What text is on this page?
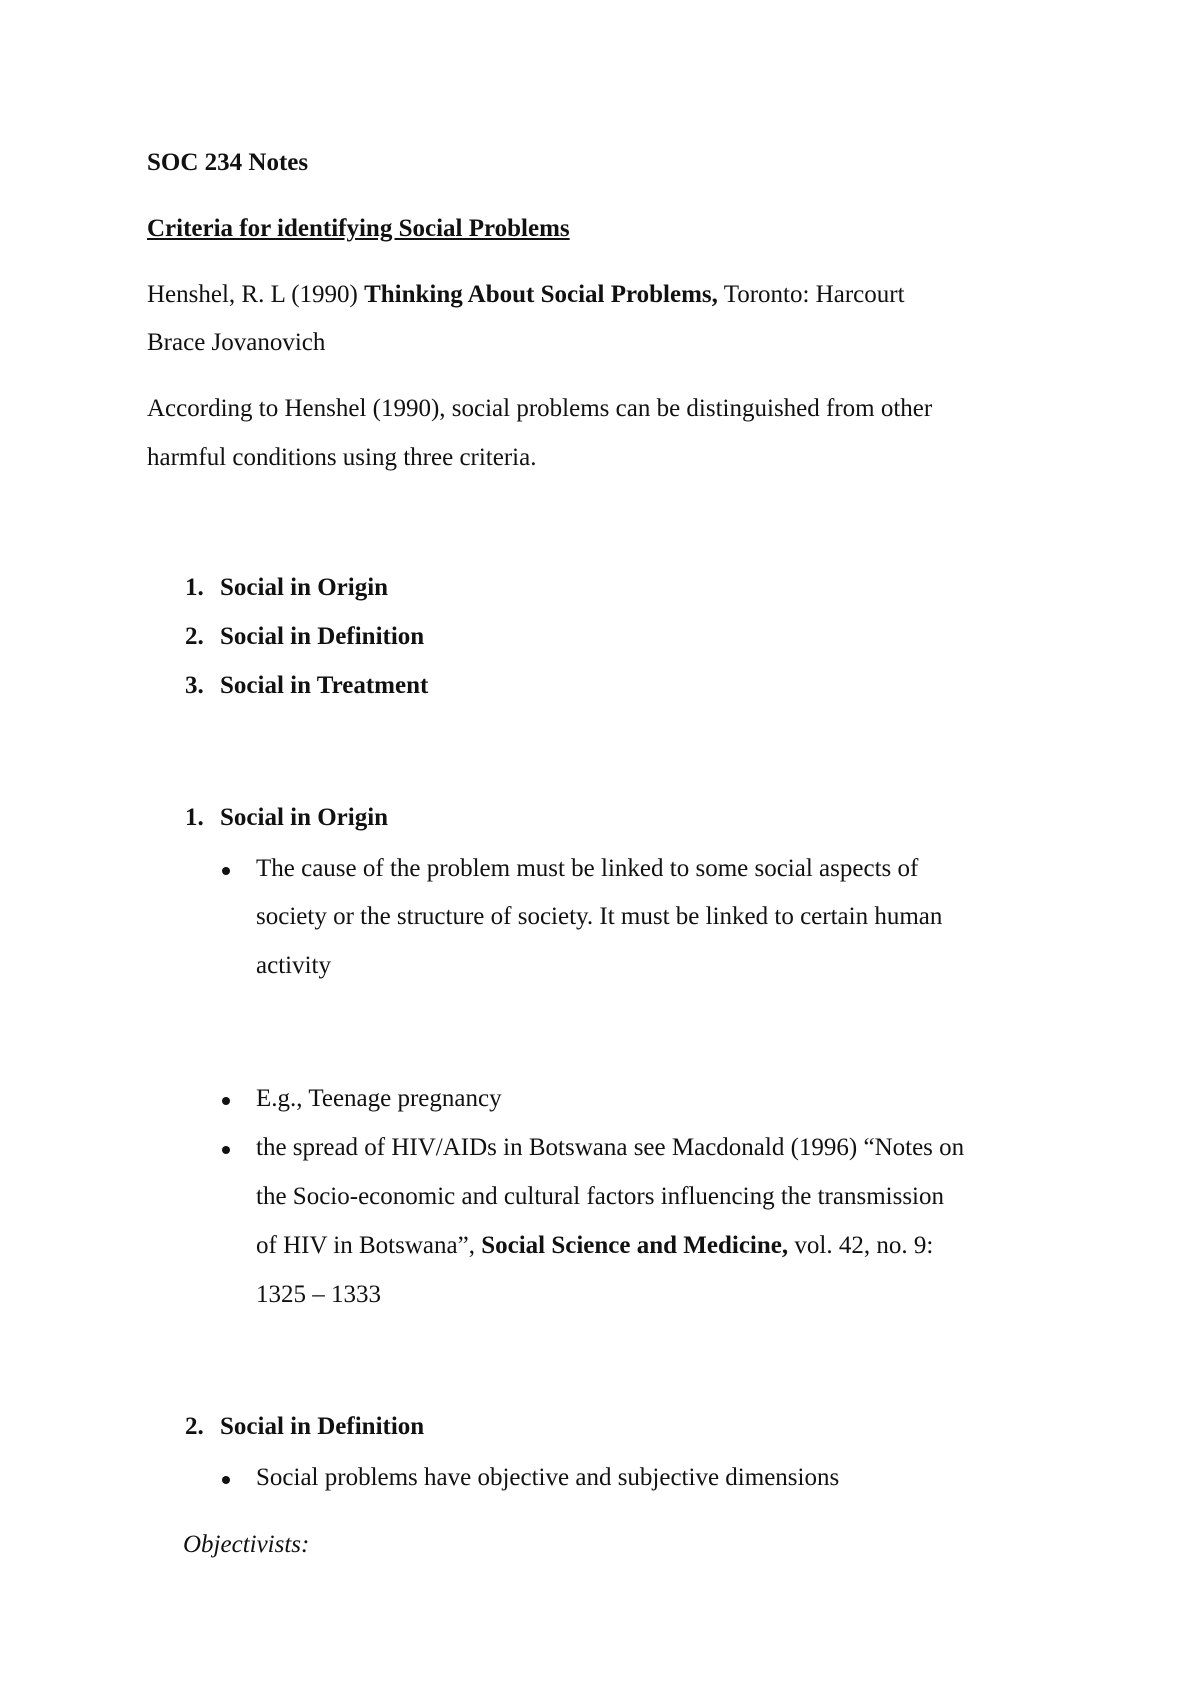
SOC 234 Notes
Criteria for identifying Social Problems
Henshel, R. L (1990) Thinking About Social Problems, Toronto: Harcourt
Brace Jovanovich
According to Henshel (1990), social problems can be distinguished from other
harmful conditions using three criteria.
1. Social in Origin
2. Social in Definition
3. Social in Treatment
1. Social in Origin
The cause of the problem must be linked to some social aspects of
society or the structure of society. It must be linked to certain human
activity
E.g., Teenage pregnancy
the spread of HIV/AIDs in Botswana see Macdonald (1996) “Notes on
the Socio-economic and cultural factors influencing the transmission
of HIV in Botswana”, Social Science and Medicine, vol. 42, no. 9:
1325 – 1333
2. Social in Definition
Social problems have objective and subjective dimensions
Objectivists:
